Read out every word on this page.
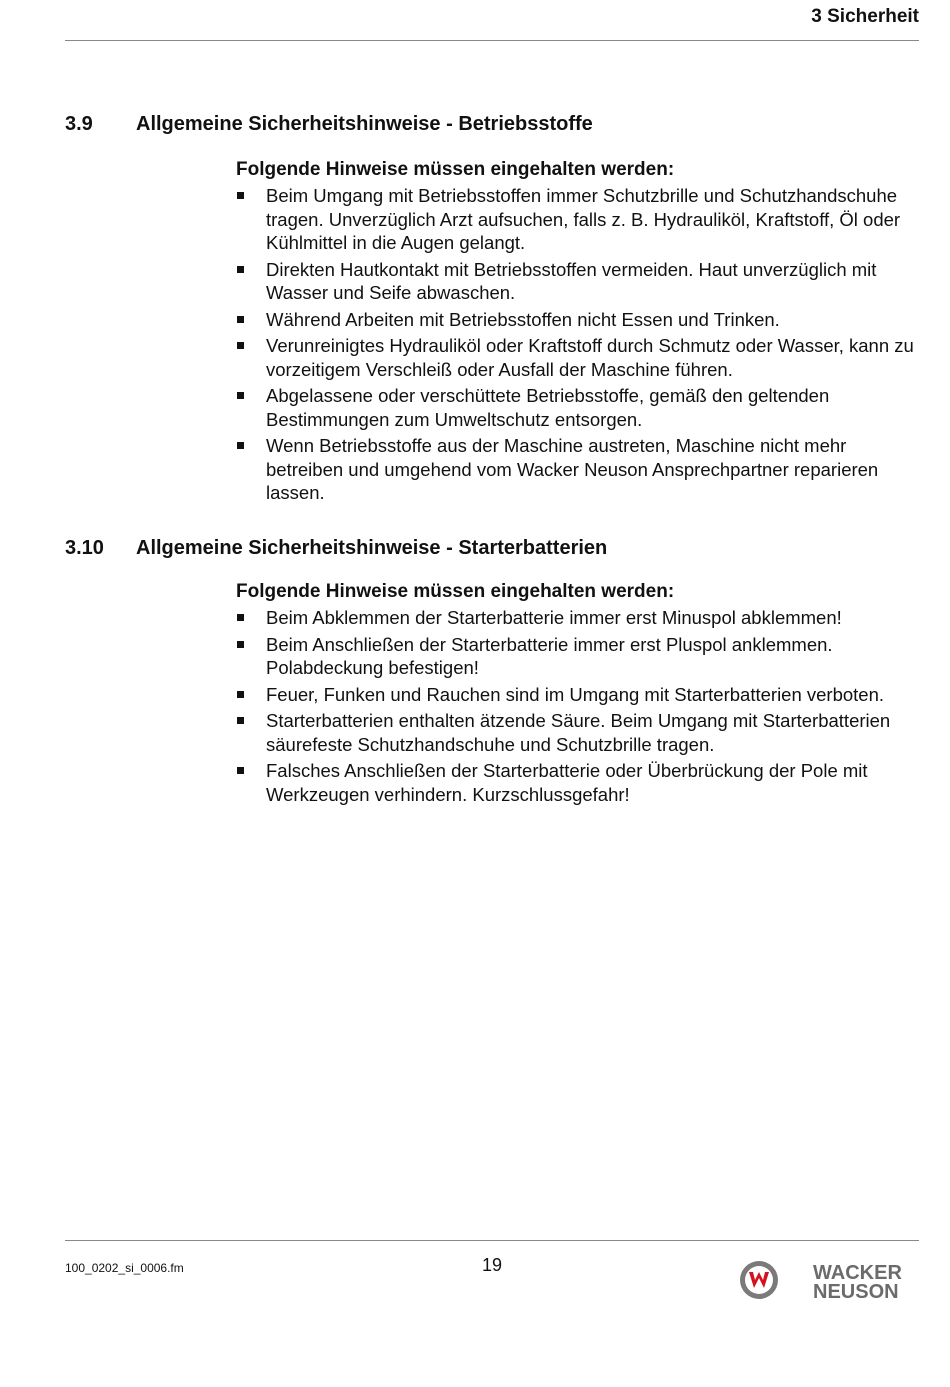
3 Sicherheit
3.9	Allgemeine Sicherheitshinweise - Betriebsstoffe
Folgende Hinweise müssen eingehalten werden:
Beim Umgang mit Betriebsstoffen immer Schutzbrille und Schutzhandschuhe tragen. Unverzüglich Arzt aufsuchen, falls z. B. Hydrauliköl, Kraftstoff, Öl oder Kühlmittel in die Augen gelangt.
Direkten Hautkontakt mit Betriebsstoffen vermeiden. Haut unverzüglich mit Wasser und Seife abwaschen.
Während Arbeiten mit Betriebsstoffen nicht Essen und Trinken.
Verunreinigtes Hydrauliköl oder Kraftstoff durch Schmutz oder Wasser, kann zu vorzeitigem Verschleiß oder Ausfall der Maschine führen.
Abgelassene oder verschüttete Betriebsstoffe, gemäß den geltenden Bestimmungen zum Umweltschutz entsorgen.
Wenn Betriebsstoffe aus der Maschine austreten, Maschine nicht mehr betreiben und umgehend vom Wacker Neuson Ansprechpartner reparieren lassen.
3.10	Allgemeine Sicherheitshinweise - Starterbatterien
Folgende Hinweise müssen eingehalten werden:
Beim Abklemmen der Starterbatterie immer erst Minuspol abklemmen!
Beim Anschließen der Starterbatterie immer erst Pluspol anklemmen. Polabdeckung befestigen!
Feuer, Funken und Rauchen sind im Umgang mit Starterbatterien verboten.
Starterbatterien enthalten ätzende Säure. Beim Umgang mit Starterbatterien säurefeste Schutzhandschuhe und Schutzbrille tragen.
Falsches Anschließen der Starterbatterie oder Überbrückung der Pole mit Werkzeugen verhindern. Kurzschlussgefahr!
100_0202_si_0006.fm	19	WACKER
NEUSON
